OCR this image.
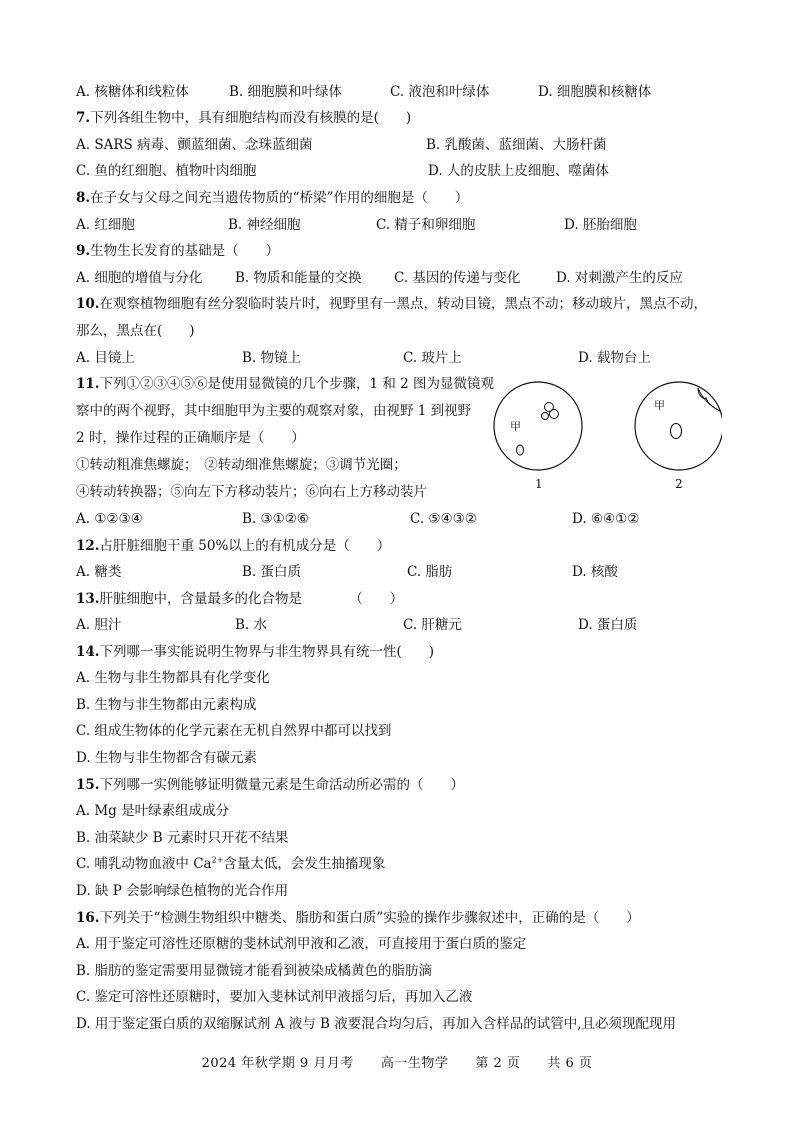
A. 核糖体和线粒体	B. 细胞膜和叶绿体	C. 液泡和叶绿体	D. 细胞膜和核糖体
7.下列各组生物中，具有细胞结构而没有核膜的是(　　)
A. SARS 病毒、颤蓝细菌、念珠蓝细菌	B. 乳酸菌、蓝细菌、大肠杆菌
C. 鱼的红细胞、植物叶肉细胞	D. 人的皮肤上皮细胞、噬菌体
8.在子女与父母之间充当遗传物质的“桥梁”作用的细胞是（　　）
A. 红细胞	B. 神经细胞	C. 精子和卵细胞	D. 胚胎细胞
9.生物生长发育的基础是（　　）
A. 细胞的增值与分化 B. 物质和能量的交换 C. 基因的传递与变化	D. 对刺激产生的反应
10.在观察植物细胞有丝分裂临时装片时，视野里有一黑点，转动目镜，黑点不动；移动玻片，黑点不动，
那么，黑点在(　　)
A. 目镜上	B. 物镜上	C. 玻片上	D. 载物台上
11.下列①②③④⑤⑥是使用显微镜的几个步骤，1 和 2 图为显微镜观
察中的两个视野，其中细胞甲为主要的观察对象，由视野 1 到视野
2 时，操作过程的正确顺序是（　　）
①转动粗准焦螺旋；　②转动细准焦螺旋；③调节光圈；
④转动转换器；⑤向左下方移动装片；⑥向右上方移动装片
A. ①②③④	B. ③①②⑥	C. ⑤④③②	D. ⑥④①②
甲
甲
1	2
12.占肝脏细胞干重 50%以上的有机成分是（　　）
A. 糖类	B. 蛋白质	C. 脂肪	D. 核酸
13.肝脏细胞中，含量最多的化合物是　　　　（　　）
A. 胆汁	B. 水	C. 肝糖元	D. 蛋白质
14.下列哪一事实能说明生物界与非生物界具有统一性(　　)
A. 生物与非生物都具有化学变化
B. 生物与非生物都由元素构成
C. 组成生物体的化学元素在无机自然界中都可以找到
D. 生物与非生物都含有碳元素
15.下列哪一实例能够证明微量元素是生命活动所必需的（　　）
A. Mg 是叶绿素组成成分
B. 油菜缺少 B 元素时只开花不结果
C. 哺乳动物血液中 $Ca^{2+}$含量太低，会发生抽搐现象
D. 缺 P 会影响绿色植物的光合作用
16.下列关于“检测生物组织中糖类、脂肪和蛋白质”实验的操作步骤叙述中，正确的是（　　）
A. 用于鉴定可溶性还原糖的斐林试剂甲液和乙液，可直接用于蛋白质的鉴定
B. 脂肪的鉴定需要用显微镜才能看到被染成橘黄色的脂肪滴
C. 鉴定可溶性还原糖时，要加入斐林试剂甲液摇匀后，再加入乙液
D. 用于鉴定蛋白质的双缩脲试剂 A 液与 B 液要混合均匀后，再加入含样品的试管中,且必须现配现用
2024 年秋学期 9 月月考　　高一生物学　　第 2 页　　共 6 页
